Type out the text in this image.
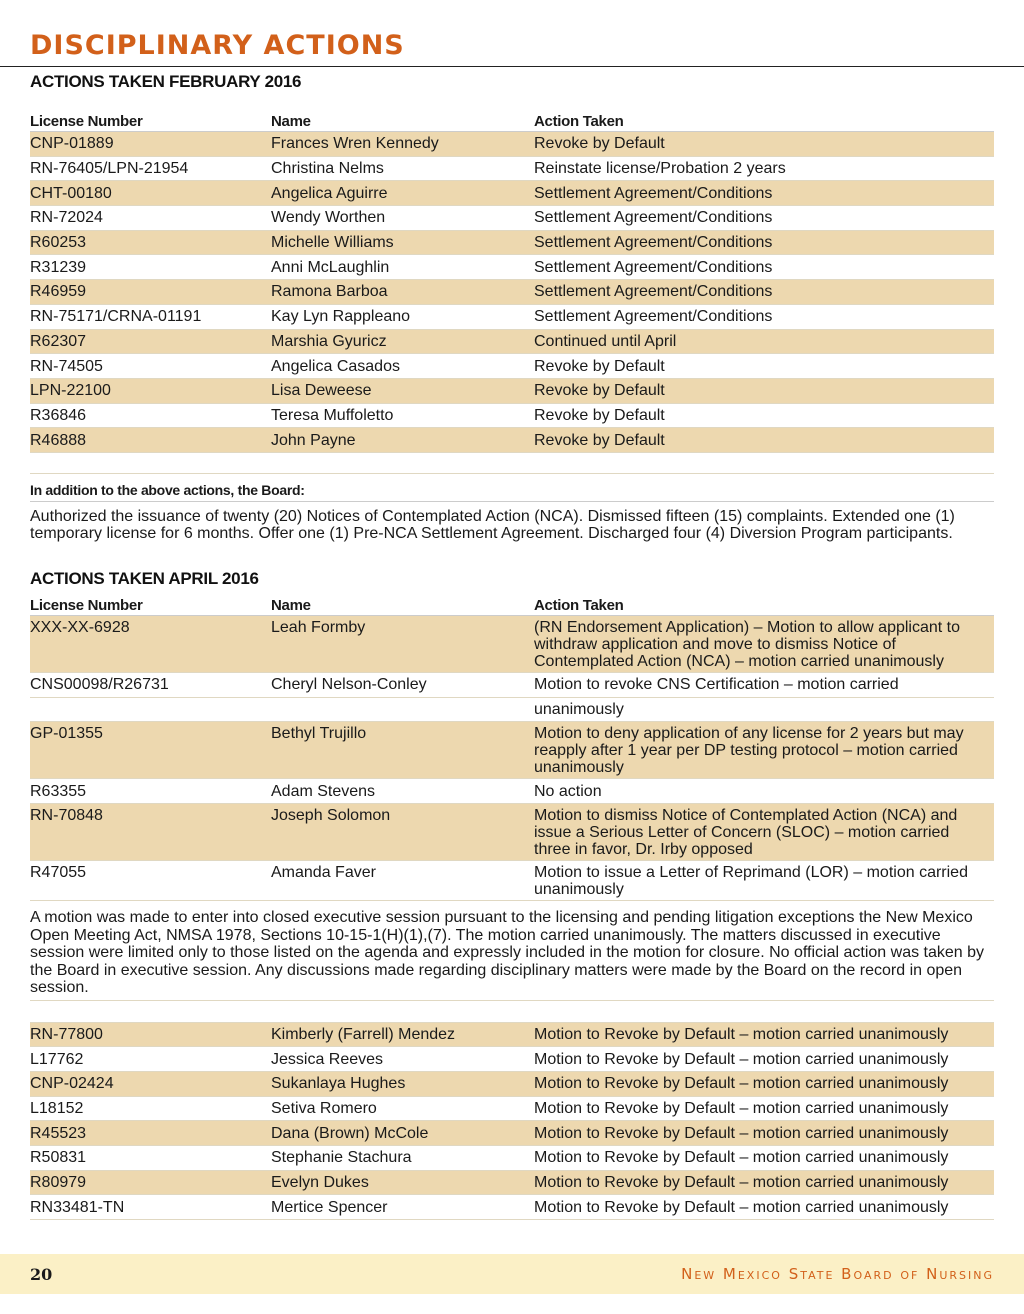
DISCIPLINARY ACTIONS
ACTIONS TAKEN FEBRUARY 2016
License Number	Name	Action Taken
CNP-01889	Frances Wren Kennedy	Revoke by Default
RN-76405/LPN-21954	Christina Nelms	Reinstate license/Probation 2 years
CHT-00180	Angelica Aguirre	Settlement Agreement/Conditions
RN-72024	Wendy Worthen	Settlement Agreement/Conditions
R60253	Michelle Williams	Settlement Agreement/Conditions
R31239	Anni McLaughlin	Settlement Agreement/Conditions
R46959	Ramona Barboa	Settlement Agreement/Conditions
RN-75171/CRNA-01191	Kay Lyn Rappleano	Settlement Agreement/Conditions
R62307	Marshia Gyuricz	Continued until April
RN-74505	Angelica Casados	Revoke by Default
LPN-22100	Lisa Deweese	Revoke by Default
R36846	Teresa Muffoletto	Revoke by Default
R46888	John Payne	Revoke by Default
In addition to the above actions, the Board:

Authorized the issuance of twenty (20) Notices of Contemplated Action (NCA). Dismissed fifteen (15) complaints. Extended one (1) temporary license for 6 months. Offer one (1) Pre-NCA Settlement Agreement. Discharged four (4) Diversion Program participants.

ACTIONS TAKEN APRIL 2016
License Number	Name	Action Taken
XXX-XX-6928	Leah Formby	(RN Endorsement Application) – Motion to allow applicant to withdraw application and move to dismiss Notice of Contemplated Action (NCA) – motion carried unanimously
CNS00098/R26731	Cheryl Nelson-Conley	Motion to revoke CNS Certification – motion carried
unanimously
GP-01355	Bethyl Trujillo	Motion to deny application of any license for 2 years but may reapply after 1 year per DP testing protocol – motion carried unanimously
R63355	Adam Stevens	No action
RN-70848	Joseph Solomon	Motion to dismiss Notice of Contemplated Action (NCA) and issue a Serious Letter of Concern (SLOC) – motion carried three in favor, Dr. Irby opposed
R47055	Amanda Faver	Motion to issue a Letter of Reprimand (LOR) – motion carried unanimously

A motion was made to enter into closed executive session pursuant to the licensing and pending litigation exceptions the New Mexico Open Meeting Act, NMSA 1978, Sections 10-15-1(H)(1),(7). The motion carried unanimously. The matters discussed in executive session were limited only to those listed on the agenda and expressly included in the motion for closure. No official action was taken by the Board in executive session. Any discussions made regarding disciplinary matters were made by the Board on the record in open session.

RN-77800	Kimberly (Farrell) Mendez	Motion to Revoke by Default – motion carried unanimously
L17762	Jessica Reeves	Motion to Revoke by Default – motion carried unanimously
CNP-02424	Sukanlaya Hughes	Motion to Revoke by Default – motion carried unanimously
L18152	Setiva Romero	Motion to Revoke by Default – motion carried unanimously
R45523	Dana (Brown) McCole	Motion to Revoke by Default – motion carried unanimously
R50831	Stephanie Stachura	Motion to Revoke by Default – motion carried unanimously
R80979	Evelyn Dukes	Motion to Revoke by Default – motion carried unanimously
RN33481-TN	Mertice Spencer	Motion to Revoke by Default – motion carried unanimously
20	New Mexico State Board of Nursing
